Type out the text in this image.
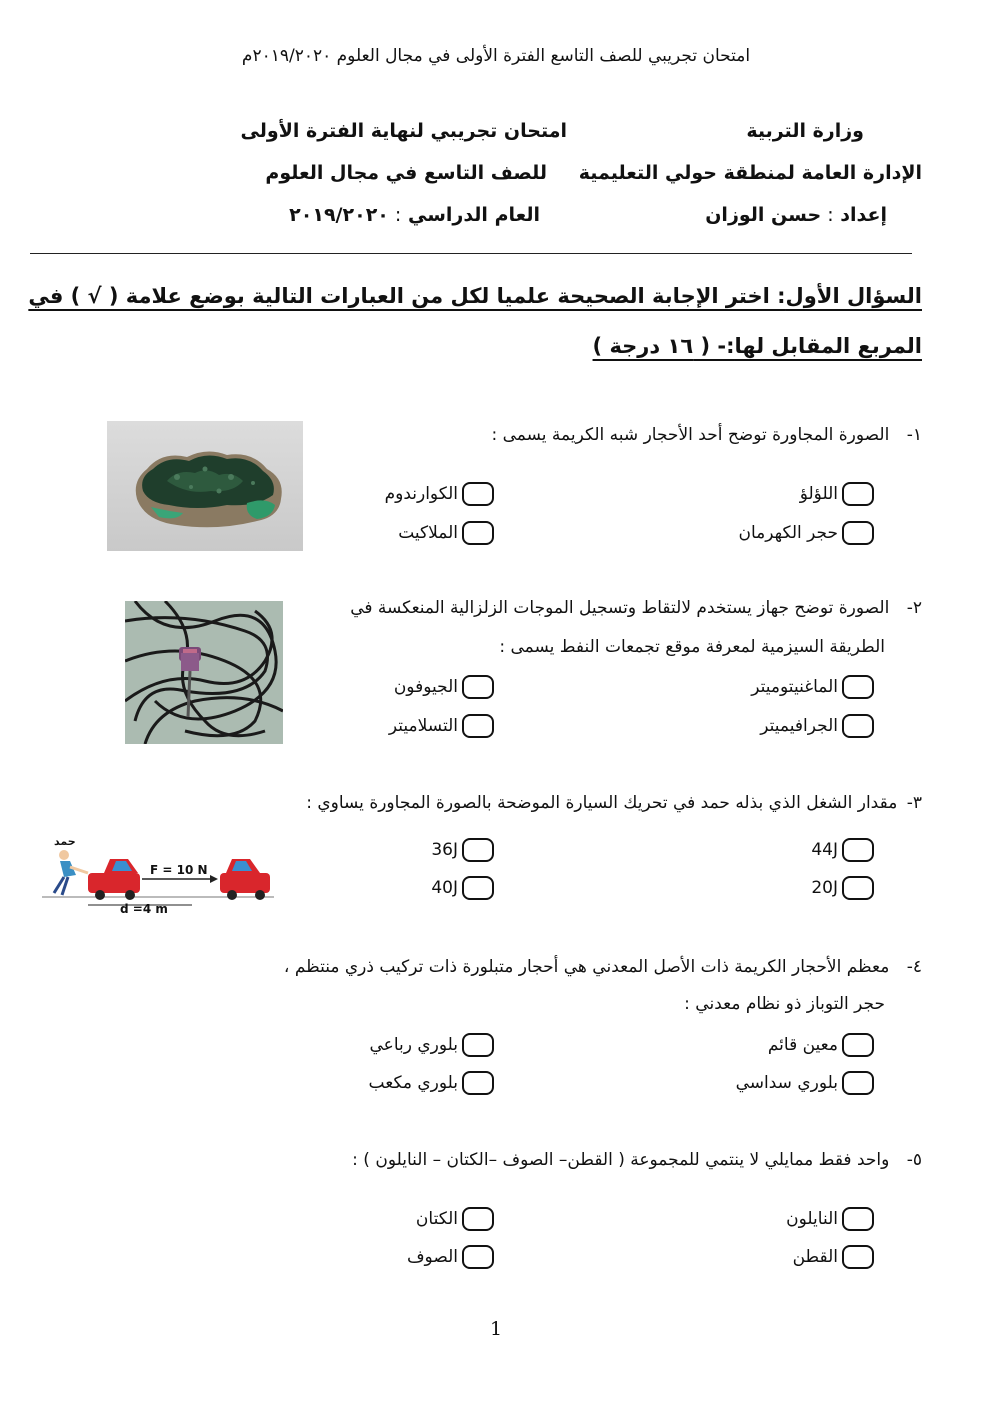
امتحان تجريبي للصف التاسع الفترة الأولى في مجال العلوم ٢٠١٩/٢٠٢٠م
وزارة التربية
الإدارة العامة لمنطقة حولي التعليمية
إعداد : حسن الوزان
امتحان تجريبي لنهاية الفترة الأولى
للصف التاسع في مجال العلوم
العام الدراسي : ٢٠١٩/٢٠٢٠
السؤال الأول: اختر الإجابة الصحيحة علميا لكل من العبارات التالية بوضع علامة ( √ ) في
المربع المقابل لها:- ( ١٦ درجة )
١- الصورة المجاورة توضح أحد الأحجار شبه الكريمة يسمى :
اللؤلؤ
الكوارندوم
حجر الكهرمان
الملاكيت
٢- الصورة توضح جهاز يستخدم لالتقاط وتسجيل الموجات الزلزالية المنعكسة في
الطريقة السيزمية لمعرفة موقع تجمعات النفط يسمى :
الماغنيتوميتر
الجيوفون
الجرافيميتر
التسلاميتر
٣- مقدار الشغل الذي بذله حمد في تحريك السيارة الموضحة بالصورة المجاورة يساوي :
44J
36J
20J
40J
حمد
F = 10 N
d =4 m
٤- معظم الأحجار الكريمة ذات الأصل المعدني هي أحجار متبلورة ذات تركيب ذري منتظم ،
حجر التوباز ذو نظام معدني :
معين قائم
بلوري رباعي
بلوري سداسي
بلوري مكعب
٥- واحد فقط ممايلي لا ينتمي للمجموعة ( القطن– الصوف –الكتان – النايلون ) :
النايلون
الكتان
القطن
الصوف
1
